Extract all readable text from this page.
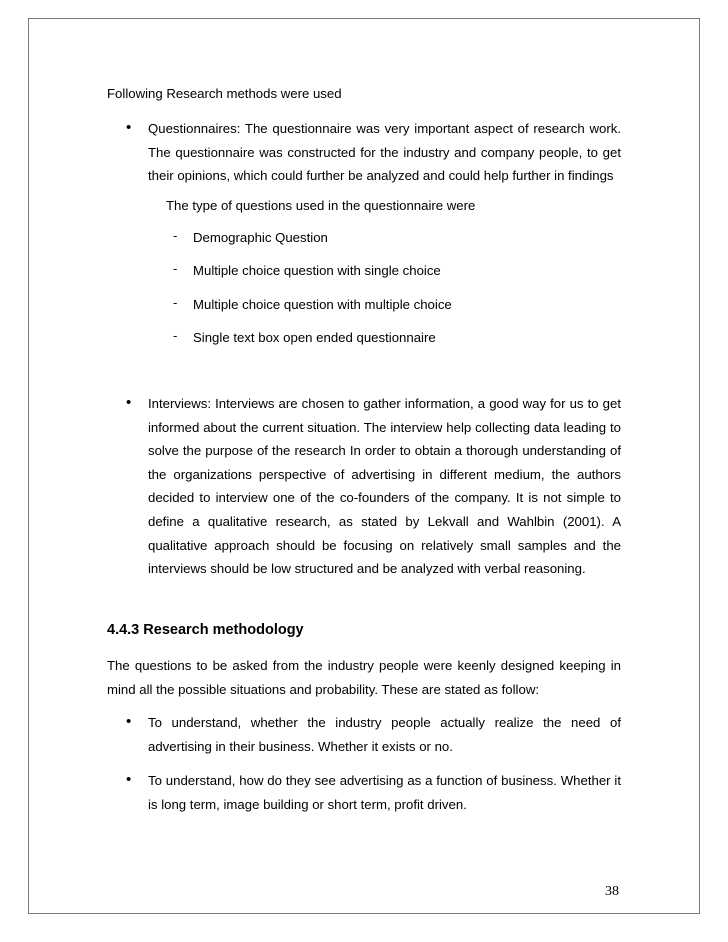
Following Research methods were used
• Questionnaires: The questionnaire was very important aspect of research work. The questionnaire was constructed for the industry and company people, to get their opinions, which could further be analyzed and could help further in findings
The type of questions used in the questionnaire were
- Demographic Question
- Multiple choice question with single choice
- Multiple choice question with multiple choice
- Single text box open ended questionnaire
• Interviews: Interviews are chosen to gather information, a good way for us to get informed about the current situation. The interview help collecting data leading to solve the purpose of the research In order to obtain a thorough understanding of the organizations perspective of advertising in different medium, the authors decided to interview one of the co-founders of the company. It is not simple to define a qualitative research, as stated by Lekvall and Wahlbin (2001). A qualitative approach should be focusing on relatively small samples and the interviews should be low structured and be analyzed with verbal reasoning.
4.4.3 Research methodology
The questions to be asked from the industry people were keenly designed keeping in mind all the possible situations and probability. These are stated as follow:
• To understand, whether the industry people actually realize the need of advertising in their business. Whether it exists or no.
• To understand, how do they see advertising as a function of business. Whether it is long term, image building or short term, profit driven.
38
